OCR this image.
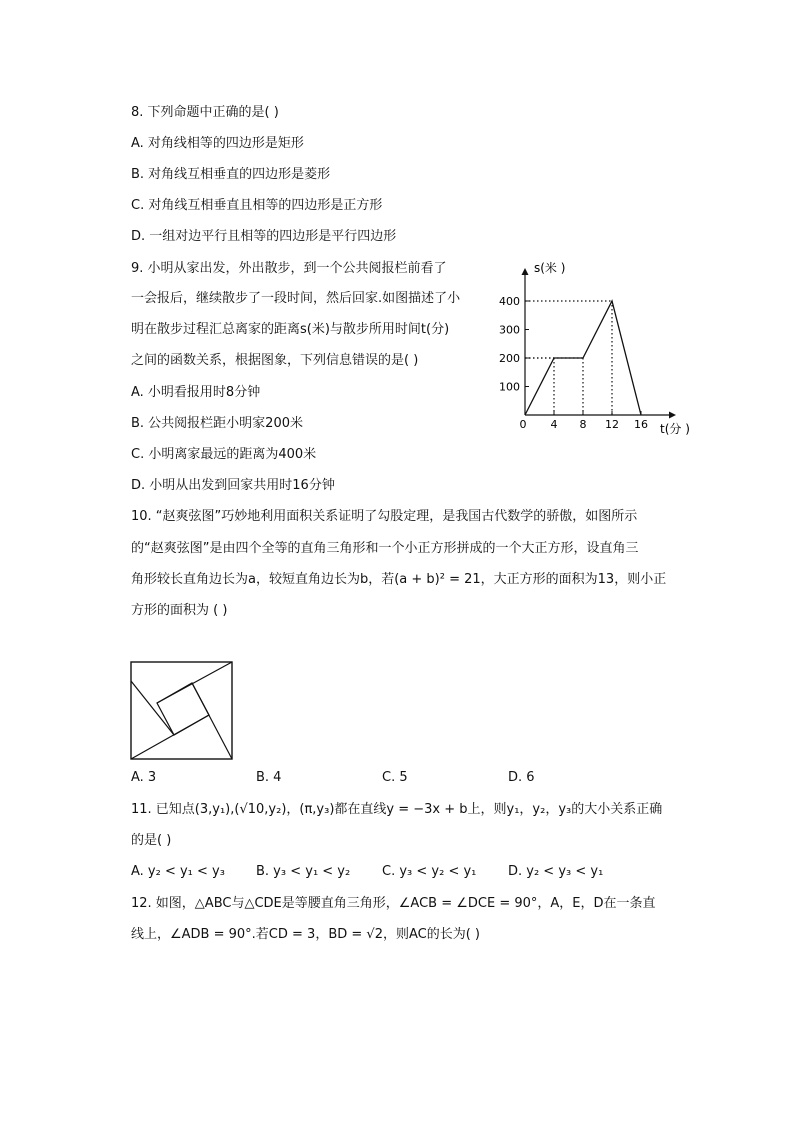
8. 下列命题中正确的是( )
A. 对角线相等的四边形是矩形
B. 对角线互相垂直的四边形是菱形
C. 对角线互相垂直且相等的四边形是正方形
D. 一组对边平行且相等的四边形是平行四边形
9. 小明从家出发，外出散步，到一个公共阅报栏前看了
一会报后，继续散步了一段时间，然后回家.如图描述了小
明在散步过程汇总离家的距离s(米)与散步所用时间t(分)
之间的函数关系，根据图象，下列信息错误的是( )
A. 小明看报用时8分钟
B. 公共阅报栏距小明家200米
C. 小明离家最远的距离为400米
D. 小明从出发到回家共用时16分钟
s(米 )
t(分 )
0
100
200
300
400
4 8 12 16
10. “赵爽弦图”巧妙地利用面积关系证明了勾股定理，是我国古代数学的骄傲，如图所示
的“赵爽弦图”是由四个全等的直角三角形和一个小正方形拼成的一个大正方形，设直角三
角形较长直角边长为a，较短直角边长为b，若(a + b)² = 21，大正方形的面积为13，则小正
方形的面积为 ( )
A. 3	B. 4	C. 5	D. 6
11. 已知点(3,y₁),(√10,y₂)，(π,y₃)都在直线y = −3x + b上，则y₁，y₂，y₃的大小关系正确
的是( )
A. y₂ < y₁ < y₃ B. y₃ < y₁ < y₂ C. y₃ < y₂ < y₁ D. y₂ < y₃ < y₁
12. 如图，△ABC与△CDE是等腰直角三角形，∠ACB = ∠DCE = 90°，A，E，D在一条直
线上，∠ADB = 90°.若CD = 3，BD = √2，则AC的长为( )
